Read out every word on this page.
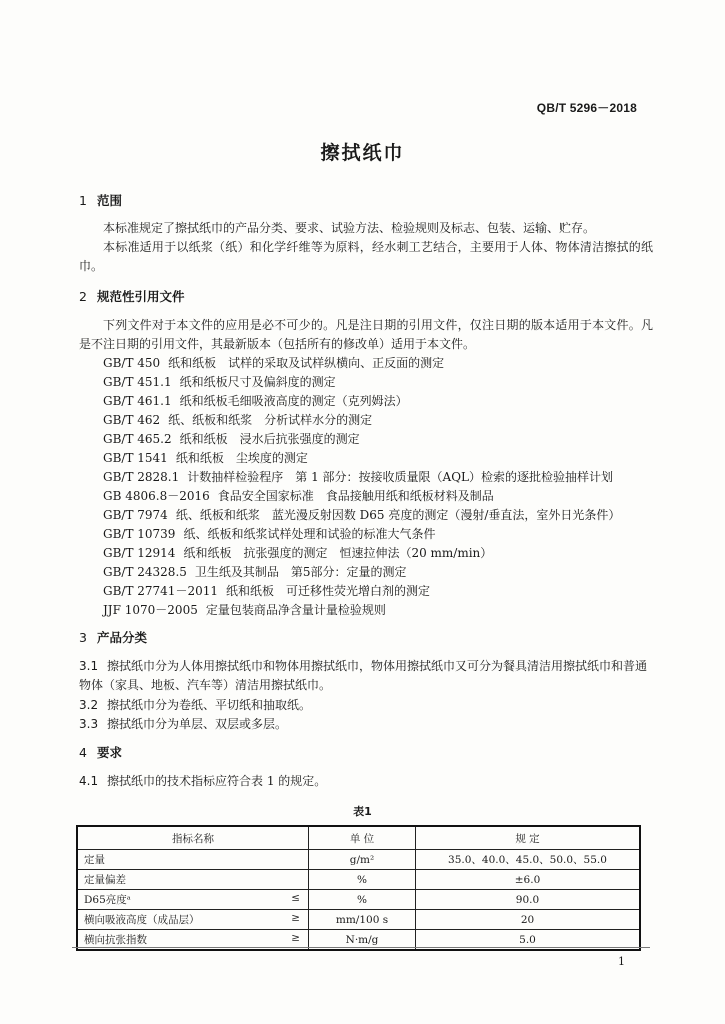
QB/T 5296－2018
擦拭纸巾
1 范围

本标准规定了擦拭纸巾的产品分类、要求、试验方法、检验规则及标志、包装、运输、贮存。

本标准适用于以纸浆（纸）和化学纤维等为原料，经水刺工艺结合，主要用于人体、物体清洁擦拭的纸巾。

2 规范性引用文件

下列文件对于本文件的应用是必不可少的。凡是注日期的引用文件，仅注日期的版本适用于本文件。凡是不注日期的引用文件，其最新版本（包括所有的修改单）适用于本文件。

GB/T 450 纸和纸板　试样的采取及试样纵横向、正反面的测定
GB/T 451.1 纸和纸板尺寸及偏斜度的测定
GB/T 461.1 纸和纸板毛细吸液高度的测定（克列姆法）
GB/T 462 纸、纸板和纸浆　分析试样水分的测定
GB/T 465.2 纸和纸板　浸水后抗张强度的测定
GB/T 1541 纸和纸板　尘埃度的测定
GB/T 2828.1 计数抽样检验程序　第 1 部分：按接收质量限（AQL）检索的逐批检验抽样计划
GB 4806.8－2016 食品安全国家标准　食品接触用纸和纸板材料及制品
GB/T 7974 纸、纸板和纸浆　蓝光漫反射因数 D65 亮度的测定（漫射/垂直法，室外日光条件）
GB/T 10739 纸、纸板和纸浆试样处理和试验的标准大气条件
GB/T 12914 纸和纸板　抗张强度的测定　恒速拉伸法（20 mm/min）
GB/T 24328.5 卫生纸及其制品　第5部分：定量的测定
GB/T 27741－2011 纸和纸板　可迁移性荧光增白剂的测定
JJF 1070－2005 定量包装商品净含量计量检验规则
3 产品分类

3.1 擦拭纸巾分为人体用擦拭纸巾和物体用擦拭纸巾，物体用擦拭纸巾又可分为餐具清洁用擦拭纸巾和普通物体（家具、地板、汽车等）清洁用擦拭纸巾。

3.2 擦拭纸巾分为卷纸、平切纸和抽取纸。

3.3 擦拭纸巾分为单层、双层或多层。

4 要求

4.1 擦拭纸巾的技术指标应符合表 1 的规定。

表1
指标名称	单 位	规 定
定量	g/m²	35.0、40.0、45.0、50.0、55.0
定量偏差	%	±6.0
D65亮度ᵃ ≤	%	90.0
横向吸液高度（成品层） ≥	mm/100 s	20
横向抗张指数 ≥	N·m/g	5.0
1
